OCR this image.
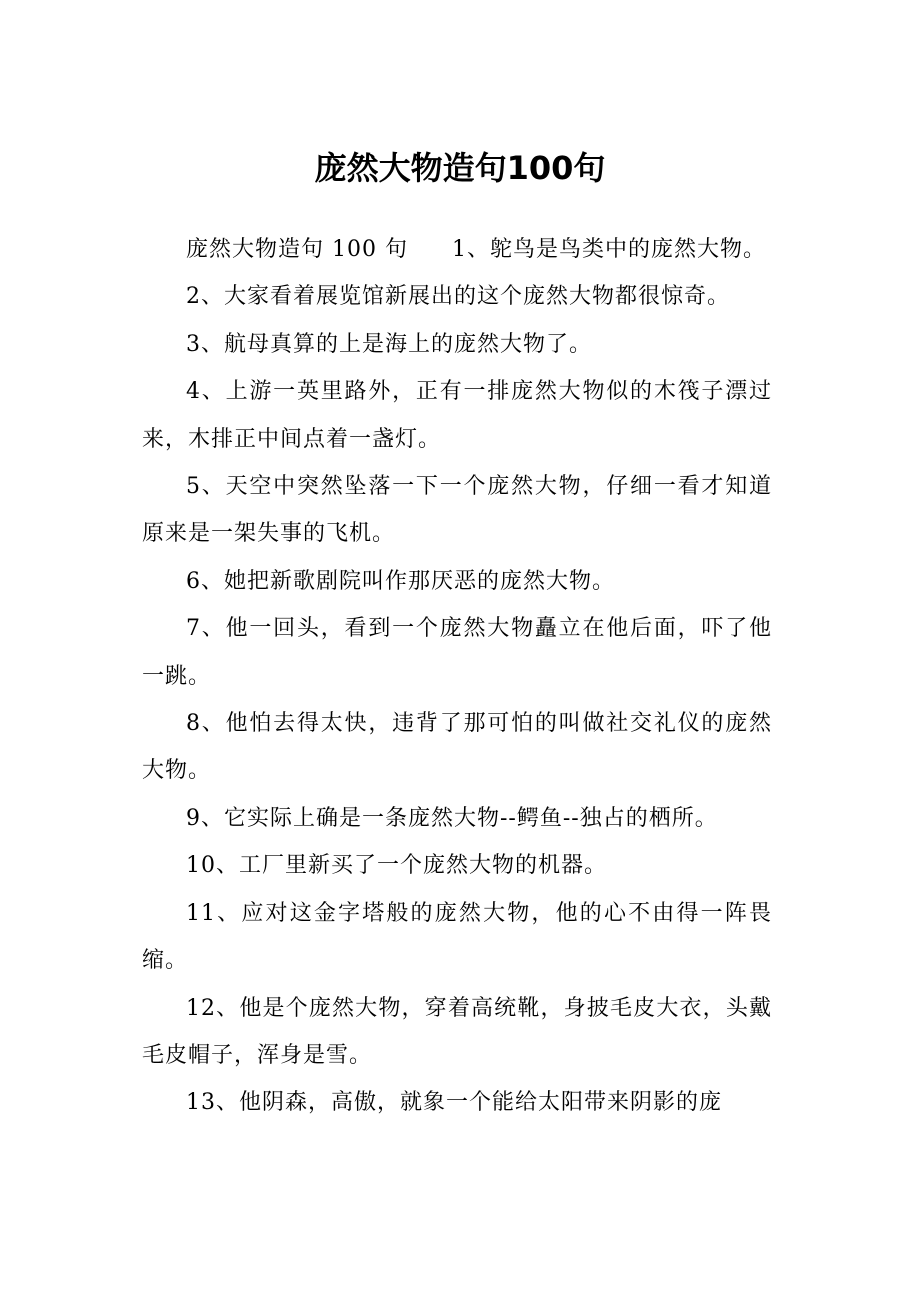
庞然大物造句100句

庞然大物造句 100 句 1、鸵鸟是鸟类中的庞然大物。

2、大家看着展览馆新展出的这个庞然大物都很惊奇。

3、航母真算的上是海上的庞然大物了。

4、上游一英里路外，正有一排庞然大物似的木筏子漂过来，木排正中间点着一盏灯。

5、天空中突然坠落一下一个庞然大物，仔细一看才知道原来是一架失事的飞机。

6、她把新歌剧院叫作那厌恶的庞然大物。

7、他一回头，看到一个庞然大物矗立在他后面，吓了他一跳。

8、他怕去得太快，违背了那可怕的叫做社交礼仪的庞然大物。

9、它实际上确是一条庞然大物--鳄鱼--独占的栖所。

10、工厂里新买了一个庞然大物的机器。

11、应对这金字塔般的庞然大物，他的心不由得一阵畏缩。

12、他是个庞然大物，穿着高统靴，身披毛皮大衣，头戴毛皮帽子，浑身是雪。

13、他阴森，高傲，就象一个能给太阳带来阴影的庞
